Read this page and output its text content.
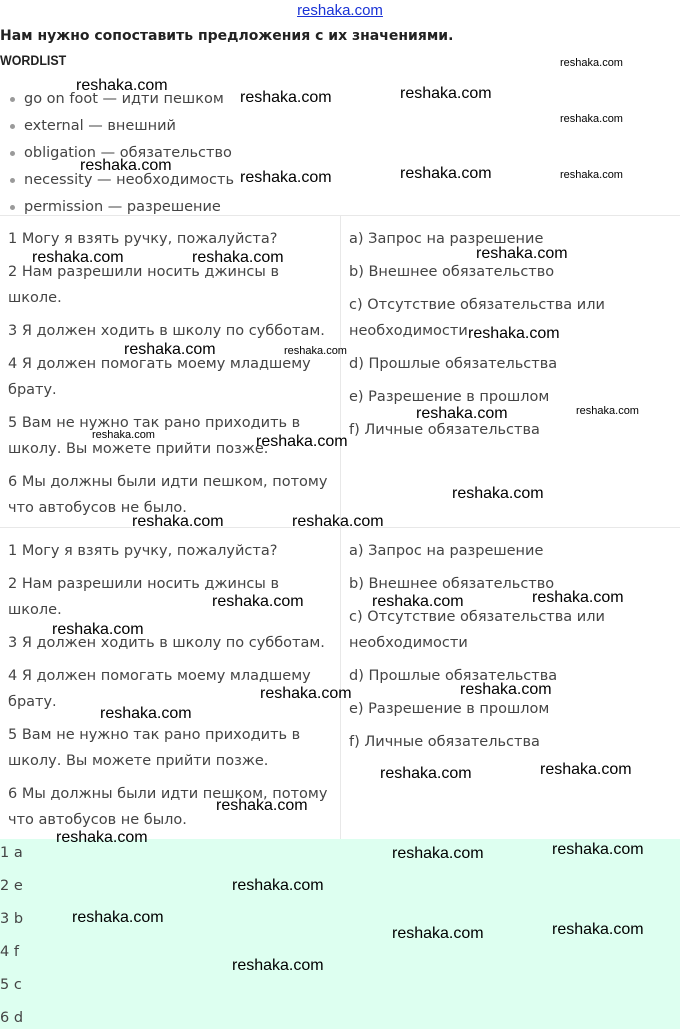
reshaka.com
Нам нужно сопоставить предложения с их значениями.
WORDLIST
go on foot — идти пешком
external — внешний
obligation — обязательство
necessity — необходимость
permission — разрешение
1 Могу я взять ручку, пожалуйста?
2 Нам разрешили носить джинсы в школе.
3 Я должен ходить в школу по субботам.
4 Я должен помогать моему младшему брату.
5 Вам не нужно так рано приходить в школу. Вы можете прийти позже.
6 Мы должны были идти пешком, потому что автобусов не было.
a) Запрос на разрешение
b) Внешнее обязательство
c) Отсутствие обязательства или необходимости
d) Прошлые обязательства
e) Разрешение в прошлом
f) Личные обязательства
1 Могу я взять ручку, пожалуйста?
2 Нам разрешили носить джинсы в школе.
3 Я должен ходить в школу по субботам.
4 Я должен помогать моему младшему брату.
5 Вам не нужно так рано приходить в школу. Вы можете прийти позже.
6 Мы должны были идти пешком, потому что автобусов не было.
a) Запрос на разрешение
b) Внешнее обязательство
c) Отсутствие обязательства или необходимости
d) Прошлые обязательства
e) Разрешение в прошлом
f) Личные обязательства
1 a
2 e
3 b
4 f
5 c
6 d
reshaka.com
reshaka.com	reshaka.com
reshaka.com
reshaka.com
reshaka.com
reshaka.com	reshaka.com	reshaka.com
reshaka.com	reshaka.com	reshaka.com
reshaka.com
reshaka.com	reshaka.com
reshaka.com	reshaka.com
reshaka.com	reshaka.com
reshaka.com
reshaka.com	reshaka.com
reshaka.com	reshaka.com	reshaka.com
reshaka.com
reshaka.com	reshaka.com
reshaka.com
reshaka.com	reshaka.com
reshaka.com
reshaka.com
reshaka.com	reshaka.com
reshaka.com
reshaka.com
reshaka.com	reshaka.com
reshaka.com
